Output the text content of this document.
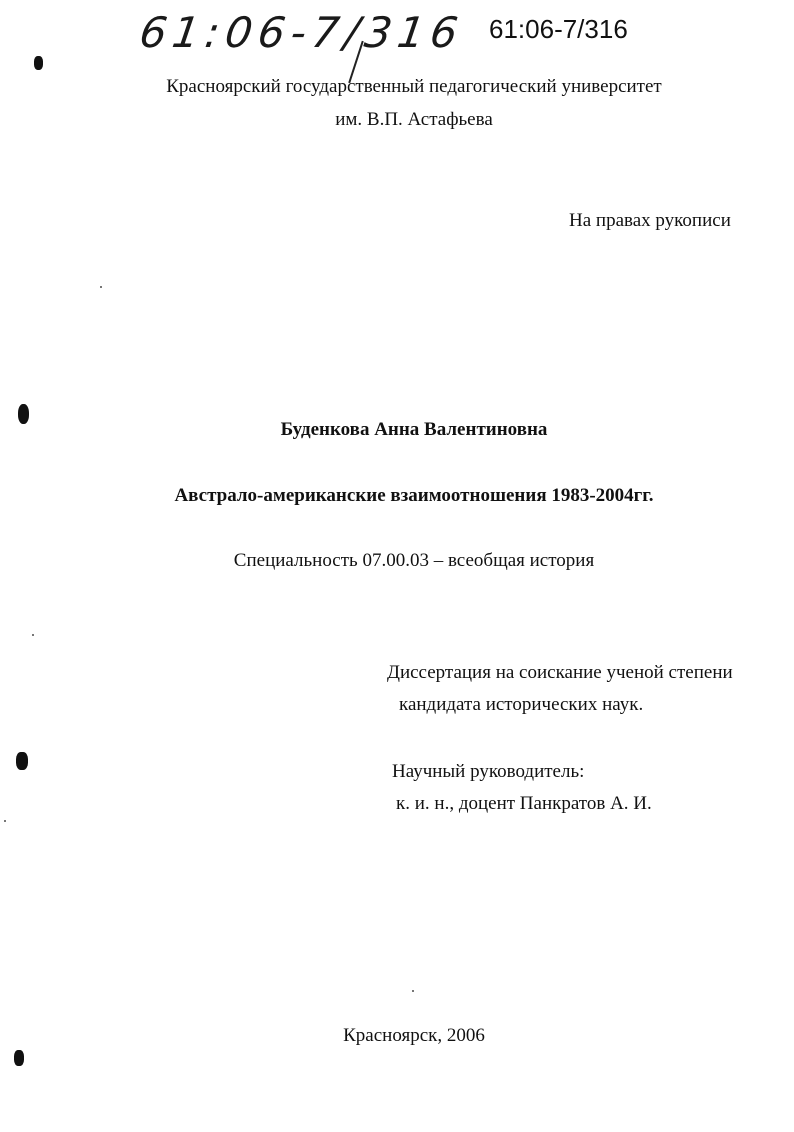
61:06-7/316 61:06-7/316
Красноярский государственный педагогический университет
им. В.П. Астафьева
На правах рукописи
Буденкова Анна Валентиновна
Австрало-американские взаимоотношения 1983-2004гг.
Специальность 07.00.03 – всеобщая история
Диссертация на соискание ученой степени
кандидата исторических наук.
Научный руководитель:
к. и. н., доцент Панкратов А. И.
Красноярск, 2006
